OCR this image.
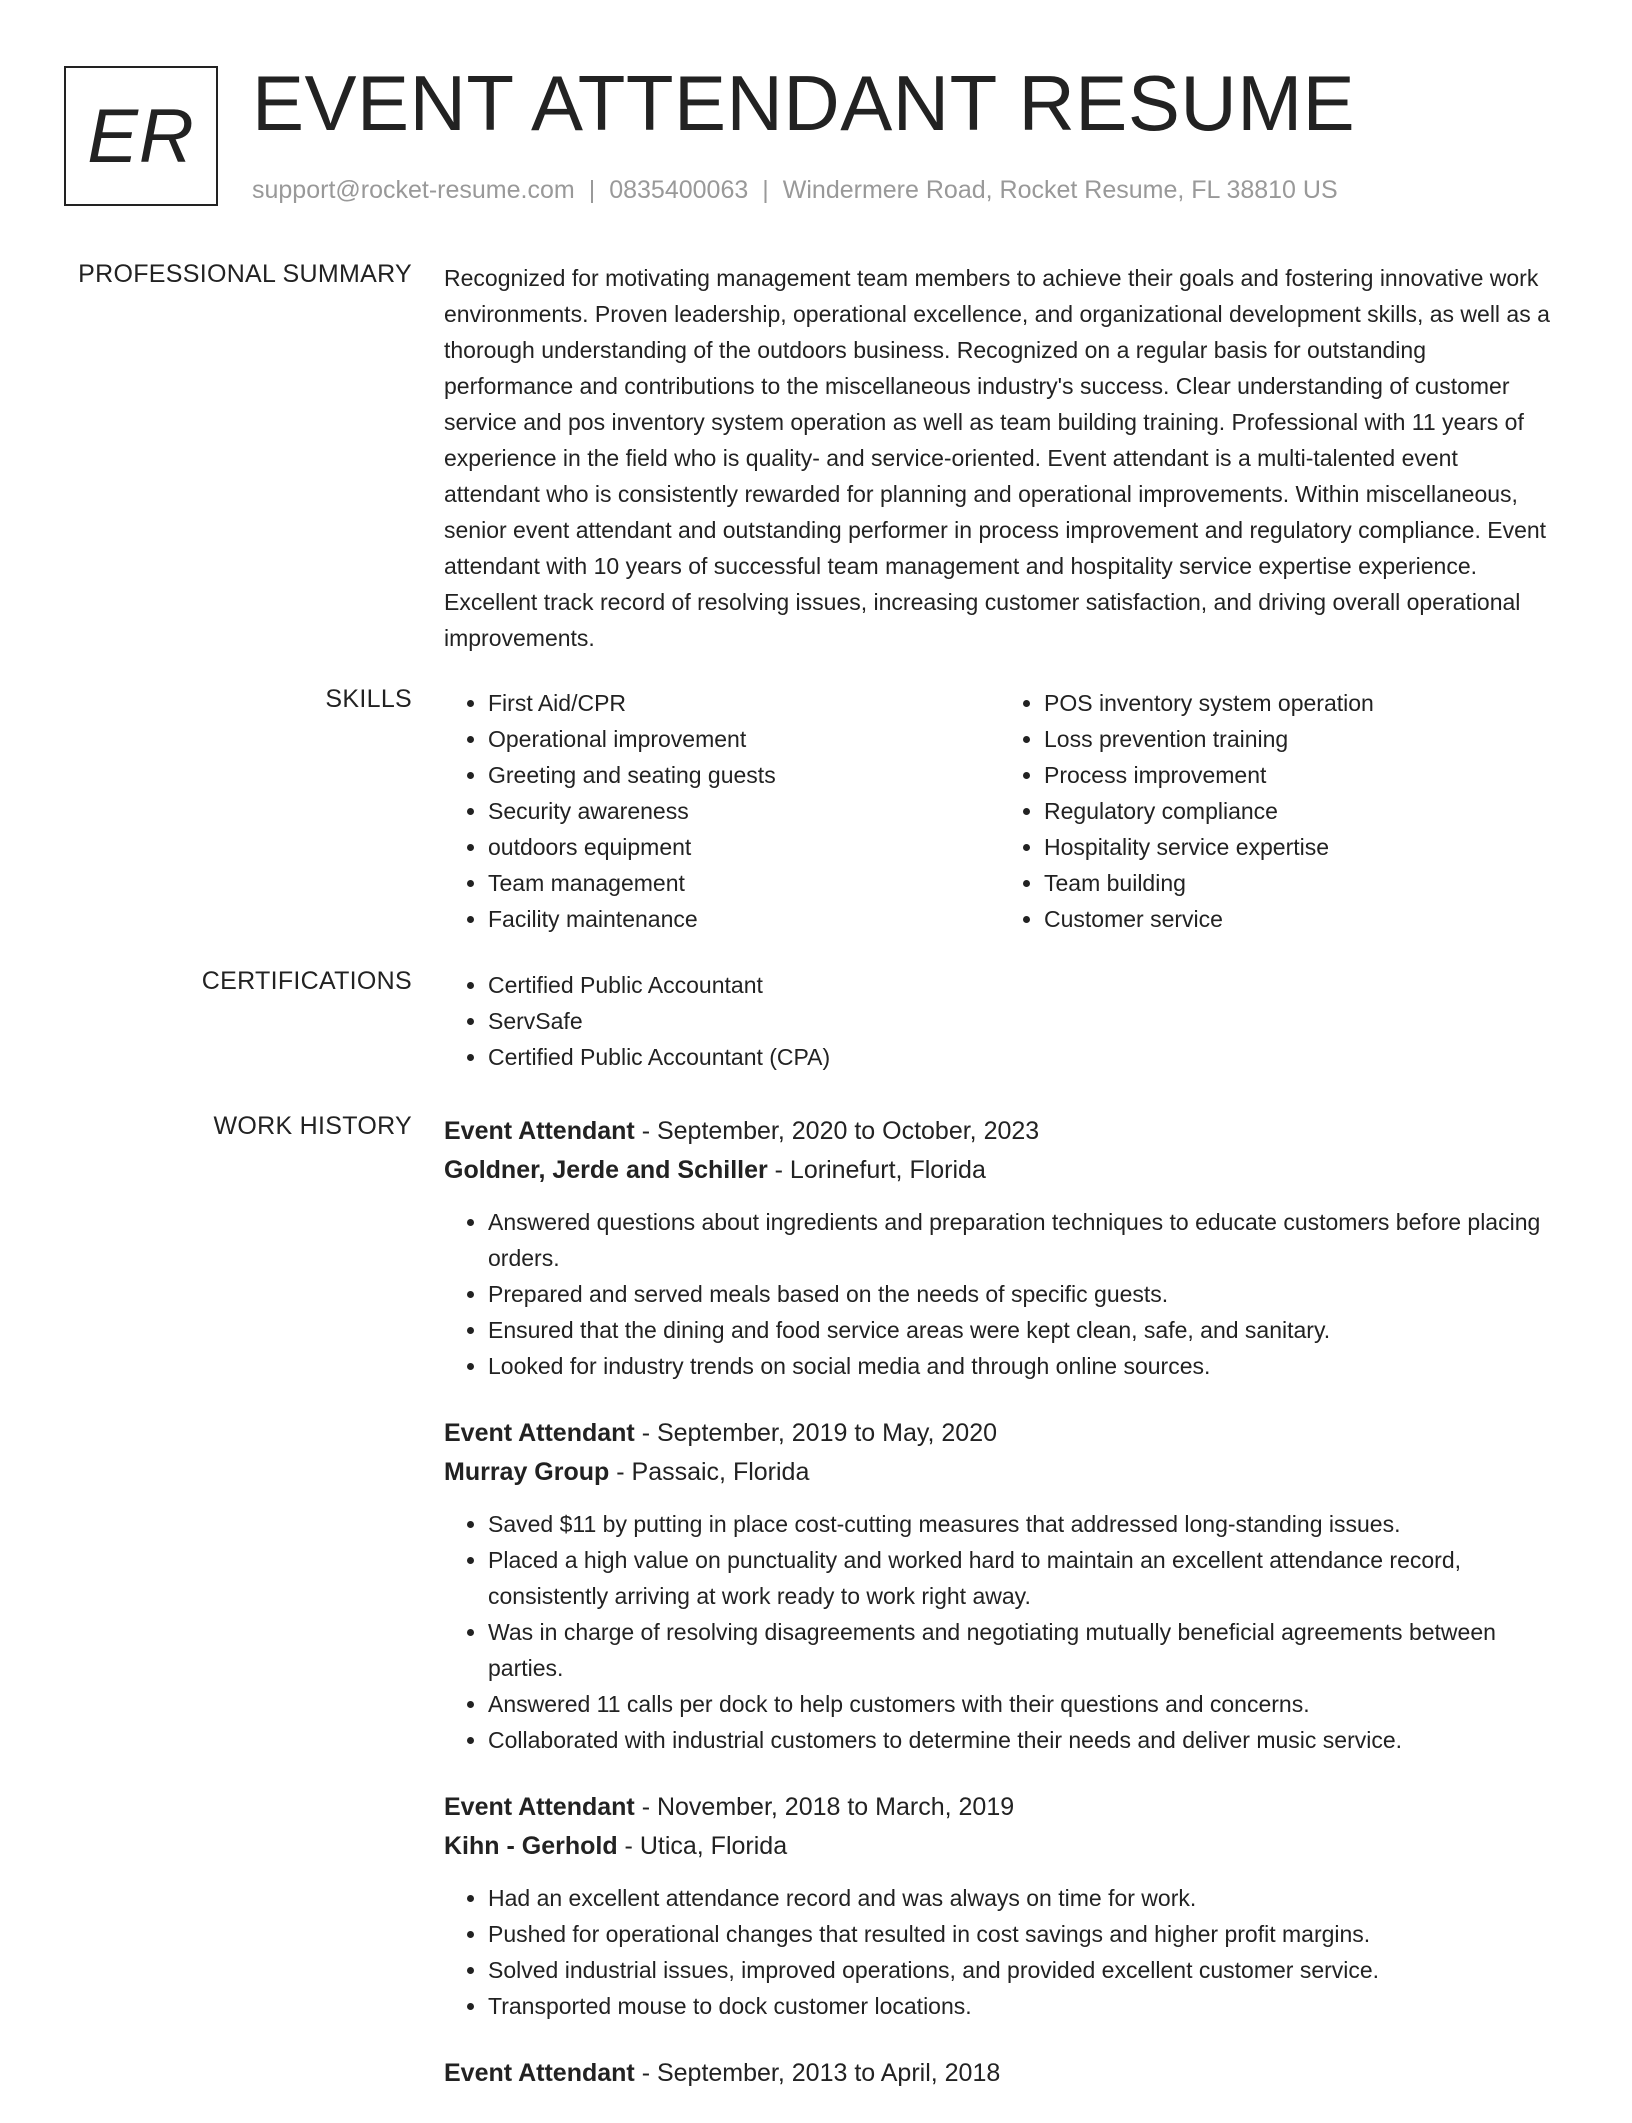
ER EVENT ATTENDANT RESUME
support@rocket-resume.com | 0835400063 | Windermere Road, Rocket Resume, FL 38810 US
PROFESSIONAL SUMMARY Recognized for motivating management team members to achieve their goals and fostering innovative work environments. Proven leadership, operational excellence, and organizational development skills, as well as a thorough understanding of the outdoors business. Recognized on a regular basis for outstanding performance and contributions to the miscellaneous industry's success. Clear understanding of customer service and pos inventory system operation as well as team building training. Professional with 11 years of experience in the field who is quality- and service-oriented. Event attendant is a multi-talented event attendant who is consistently rewarded for planning and operational improvements. Within miscellaneous, senior event attendant and outstanding performer in process improvement and regulatory compliance. Event attendant with 10 years of successful team management and hospitality service expertise experience. Excellent track record of resolving issues, increasing customer satisfaction, and driving overall operational improvements.

SKILLS	• First Aid/CPR
• Operational improvement
• Greeting and seating guests
• Security awareness
• outdoors equipment
• Team management
• Facility maintenance
• POS inventory system operation
• Loss prevention training
• Process improvement
• Regulatory compliance
• Hospitality service expertise
• Team building
• Customer service
CERTIFICATIONS	• Certified Public Accountant
• ServSafe
• Certified Public Accountant (CPA)
WORK HISTORY Event Attendant - September, 2020 to October, 2023
Goldner, Jerde and Schiller - Lorinefurt, Florida
• Answered questions about ingredients and preparation techniques to educate customers before placing orders.
• Prepared and served meals based on the needs of specific guests.
• Ensured that the dining and food service areas were kept clean, safe, and sanitary.
• Looked for industry trends on social media and through online sources.
Event Attendant - September, 2019 to May, 2020
Murray Group - Passaic, Florida
• Saved $11 by putting in place cost-cutting measures that addressed long-standing issues.
• Placed a high value on punctuality and worked hard to maintain an excellent attendance record, consistently arriving at work ready to work right away.
• Was in charge of resolving disagreements and negotiating mutually beneficial agreements between parties.
• Answered 11 calls per dock to help customers with their questions and concerns.
• Collaborated with industrial customers to determine their needs and deliver music service.
Event Attendant - November, 2018 to March, 2019
Kihn - Gerhold - Utica, Florida
• Had an excellent attendance record and was always on time for work.
• Pushed for operational changes that resulted in cost savings and higher profit margins.
• Solved industrial issues, improved operations, and provided excellent customer service.
• Transported mouse to dock customer locations.
Event Attendant - September, 2013 to April, 2018
